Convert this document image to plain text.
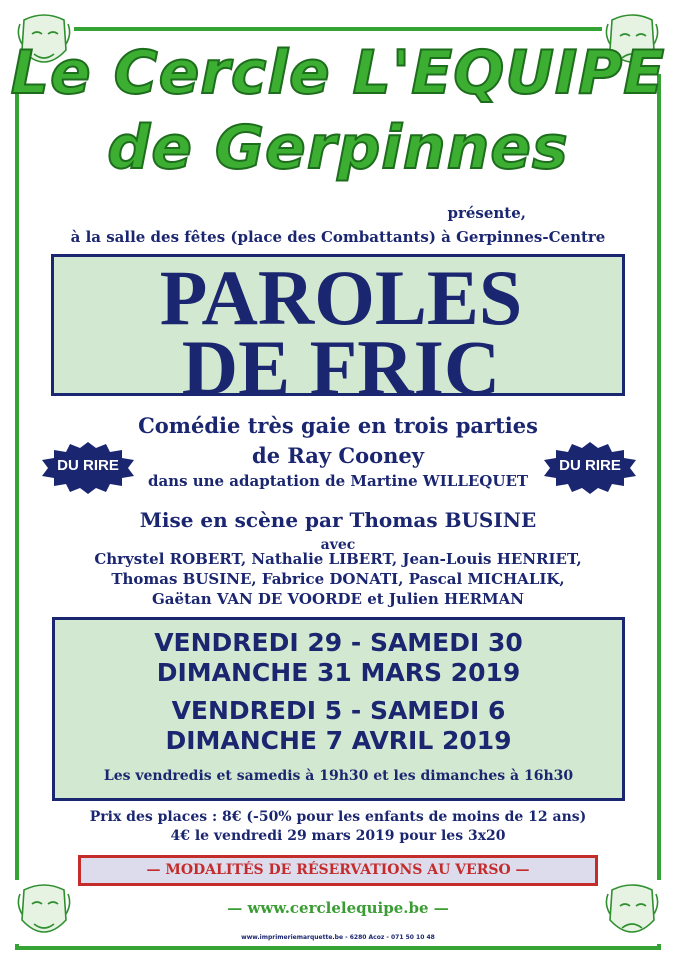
Le Cercle L'EQUIPE
de Gerpinnes
présente,
à la salle des fêtes (place des Combattants) à Gerpinnes-Centre
PAROLES
DE FRIC
Comédie très gaie en trois parties
de Ray Cooney
dans une adaptation de Martine WILLEQUET
DU RIRE	DU RIRE
Mise en scène par Thomas BUSINE
avec
Chrystel ROBERT, Nathalie LIBERT, Jean-Louis HENRIET,
Thomas BUSINE, Fabrice DONATI, Pascal MICHALIK,
Gaëtan VAN DE VOORDE et Julien HERMAN
VENDREDI 29 - SAMEDI 30
DIMANCHE 31 MARS 2019
VENDREDI 5 - SAMEDI 6
DIMANCHE 7 AVRIL 2019
Les vendredis et samedis à 19h30 et les dimanches à 16h30
Prix des places : 8€ (-50% pour les enfants de moins de 12 ans)
4€ le vendredi 29 mars 2019 pour les 3x20
— MODALITÉS DE RÉSERVATIONS AU VERSO —
— www.cerclelequipe.be —
www.imprimeriemarquette.be - 6280 Acoz - 071 50 10 48
